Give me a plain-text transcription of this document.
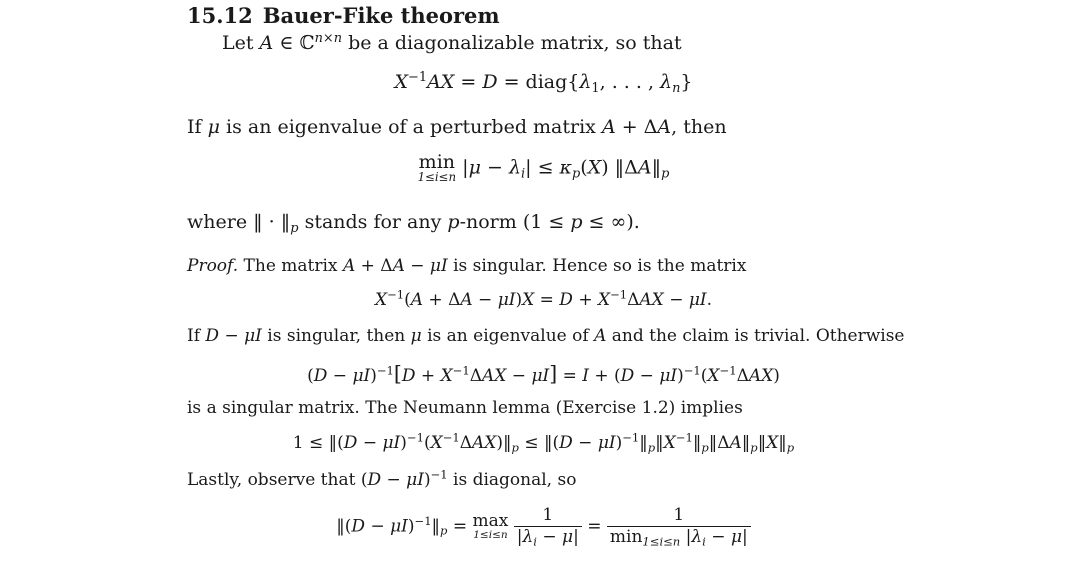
15.12 Bauer-Fike theorem
Let A ∈ ℂ$^{n\times n}$ be a diagonalizable matrix, so that
$X^{-1}AX = D$ = $diag\{\lambda_1$, . . . , $\lambda_n$}
If μ is an eigenvalue of a perturbed matrix A + ΔA, then
min
1≤i≤n $|\mu - \lambda_i| \le \kappa_p(X)$ $‖\Delta A‖_p$
where ‖ · $‖_p$ stands for any p-norm (1 ≤ p ≤ ∞).
Proof. The matrix A + ΔA − μI is singular. Hence so is the matrix
$X^{-1}(A + \Delta A - \mu I)X = D + X^{-1}\Delta AX - \mu I$.
If D − μI is singular, then μ is an eigenvalue of A and the claim is trivial. Otherwise
$(D - \mu I)^{-1}[D + X^{-1}\Delta AX - \mu I] = I + (D - \mu I)^{-1}(X^{-1}\Delta AX)$
is a singular matrix. The Neumann lemma (Exercise 1.2) implies
1 ≤ ‖(D − $\mu I)^{-1}(X^{-1}\Delta AX)‖_p$ ≤ ‖(D − $\mu I)^{-1}‖_p‖X^{-1}‖_p‖\Delta A‖_p‖X‖_p$
Lastly, observe that $(D - \mu I)^{-1}$ is diagonal, so
‖(D − $\mu I)^{-1}‖_p = \max$
1≤i≤n
$\frac{1}{|\lambda_i - \mu|} = \frac{1}{\min_{1\le i\le n} |\lambda_i - \mu|}$
